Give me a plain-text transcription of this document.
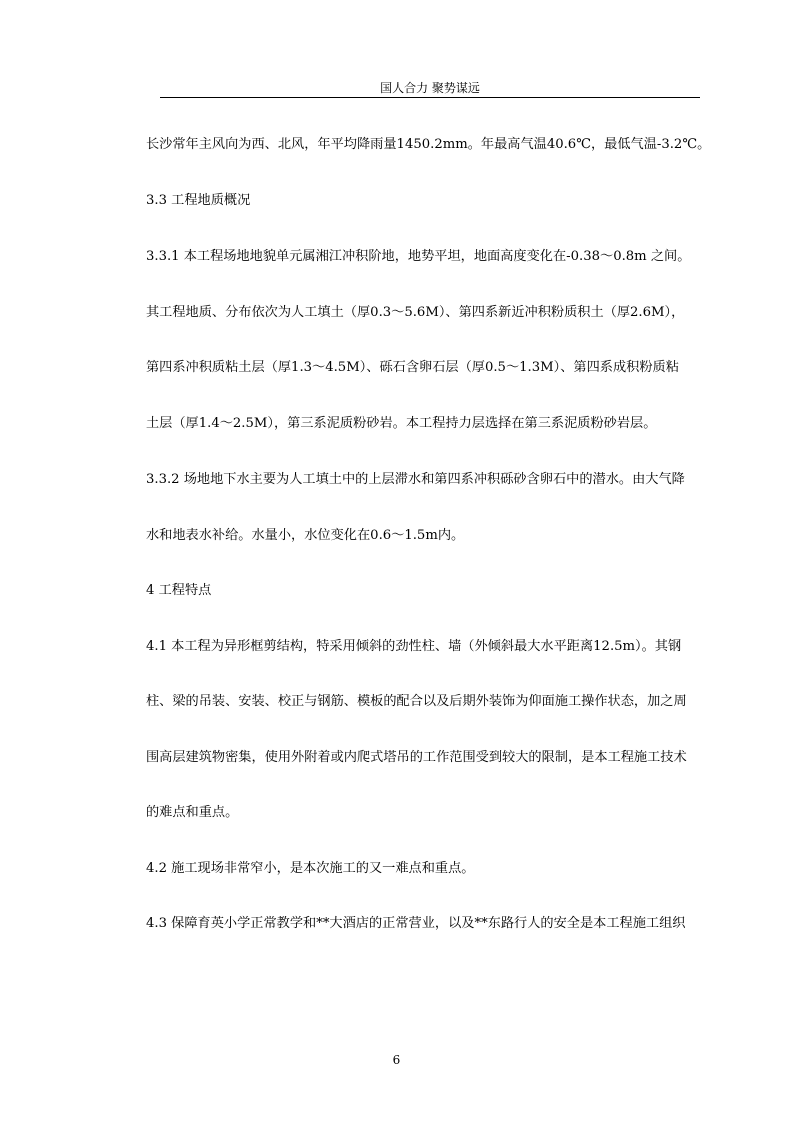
国人合力 聚势谋远
长沙常年主风向为西、北风，年平均降雨量1450.2mm。年最高气温40.6℃，最低气温-3.2℃。
3.3 工程地质概况
3.3.1 本工程场地地貌单元属湘江冲积阶地，地势平坦，地面高度变化在-0.38～0.8m 之间。
其工程地质、分布依次为人工填土（厚0.3～5.6M）、第四系新近冲积粉质积土（厚2.6M），
第四系冲积质粘土层（厚1.3～4.5M）、砾石含卵石层（厚0.5～1.3M）、第四系成积粉质粘
土层（厚1.4～2.5M），第三系泥质粉砂岩。本工程持力层选择在第三系泥质粉砂岩层。
3.3.2 场地地下水主要为人工填土中的上层滞水和第四系冲积砾砂含卵石中的潜水。由大气降
水和地表水补给。水量小，水位变化在0.6～1.5m内。
4 工程特点
4.1 本工程为异形框剪结构，特采用倾斜的劲性柱、墙（外倾斜最大水平距离12.5m）。其钢
柱、梁的吊装、安装、校正与钢筋、模板的配合以及后期外装饰为仰面施工操作状态，加之周
围高层建筑物密集，使用外附着或内爬式塔吊的工作范围受到较大的限制，是本工程施工技术
的难点和重点。
4.2 施工现场非常窄小，是本次施工的又一难点和重点。
4.3 保障育英小学正常教学和**大酒店的正常营业，以及**东路行人的安全是本工程施工组织
6
